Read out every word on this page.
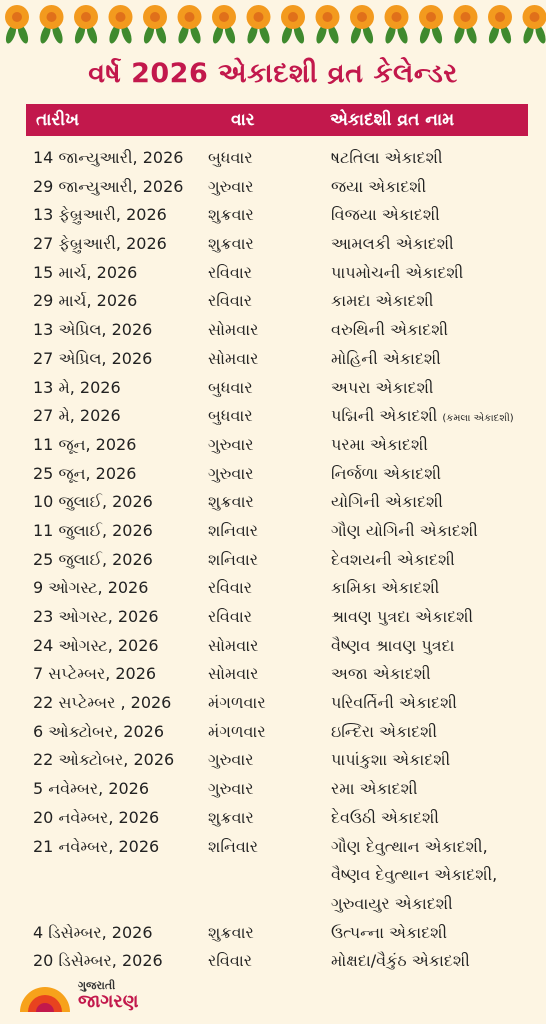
વર્ષ 2026 એકાદશી વ્રત કેલેન્ડર
તારીખ	વાર	એકાદશી વ્રત નામ
14 જાન્યુઆરી, 2026 બુધવાર	ષટતિલા એકાદશી
29 જાન્યુઆરી, 2026 ગુરુવાર	જયા એકાદશી
13 ફેબ્રુઆરી, 2026	શુક્રવાર	વિજયા એકાદશી
27 ફેબ્રુઆરી, 2026	શુક્રવાર	આમલકી એકાદશી
15 માર્ચ, 2026	રવિવાર	પાપમોચની એકાદશી
29 માર્ચ, 2026	રવિવાર	કામદા એકાદશી
13 એપ્રિલ, 2026	સોમવાર	વરુથિની એકાદશી
27 એપ્રિલ, 2026	સોમવાર	મોહિની એકાદશી
13 મે, 2026	બુધવાર	અપરા એકાદશી
27 મે, 2026	બુધવાર	પદ્મિની એકાદશી (કમલા એકાદશી)
11 જૂન, 2026	ગુરુવાર	પરમા એકાદશી
25 જૂન, 2026	ગુરુવાર	નિર્જળા એકાદશી
10 જુલાઈ, 2026	શુક્રવાર	યોગિની એકાદશી
11 જુલાઈ, 2026	શનિવાર	ગૌણ યોગિની એકાદશી
25 જુલાઈ, 2026	શનિવાર	દેવશયની એકાદશી
9 ઓગસ્ટ, 2026	રવિવાર	કામિકા એકાદશી
23 ઓગસ્ટ, 2026	રવિવાર	શ્રાવણ પુત્રદા એકાદશી
24 ઓગસ્ટ, 2026	સોમવાર	વૈષ્ણવ શ્રાવણ પુત્રદા
7 સપ્ટેમ્બર, 2026	સોમવાર	અજા એકાદશી
22 સપ્ટેમ્બર , 2026 મંગળવાર	પરિવર્તિની એકાદશી
6 ઓક્ટોબર, 2026	મંગળવાર	ઇન્દિરા એકાદશી
22 ઓક્ટોબર, 2026 ગુરુવાર	પાપાંકુશા એકાદશી
5 નવેમ્બર, 2026	ગુરુવાર	રમા એકાદશી
20 નવેમ્બર, 2026	શુક્રવાર	દેવઉઠી એકાદશી
21 નવેમ્બર, 2026	શનિવાર	ગૌણ દેવુત્થાન એકાદશી,
વૈષ્ણવ દેવુત્થાન એકાદશી,
ગુરુવાયુર એકાદશી
4 ડિસેમ્બર, 2026	શુક્રવાર	ઉત્પન્ના એકાદશી
20 ડિસેમ્બર, 2026	રવિવાર	મોક્ષદા/વૈકુંઠ એકાદશી
ગુજરાતી
જાગરણ
